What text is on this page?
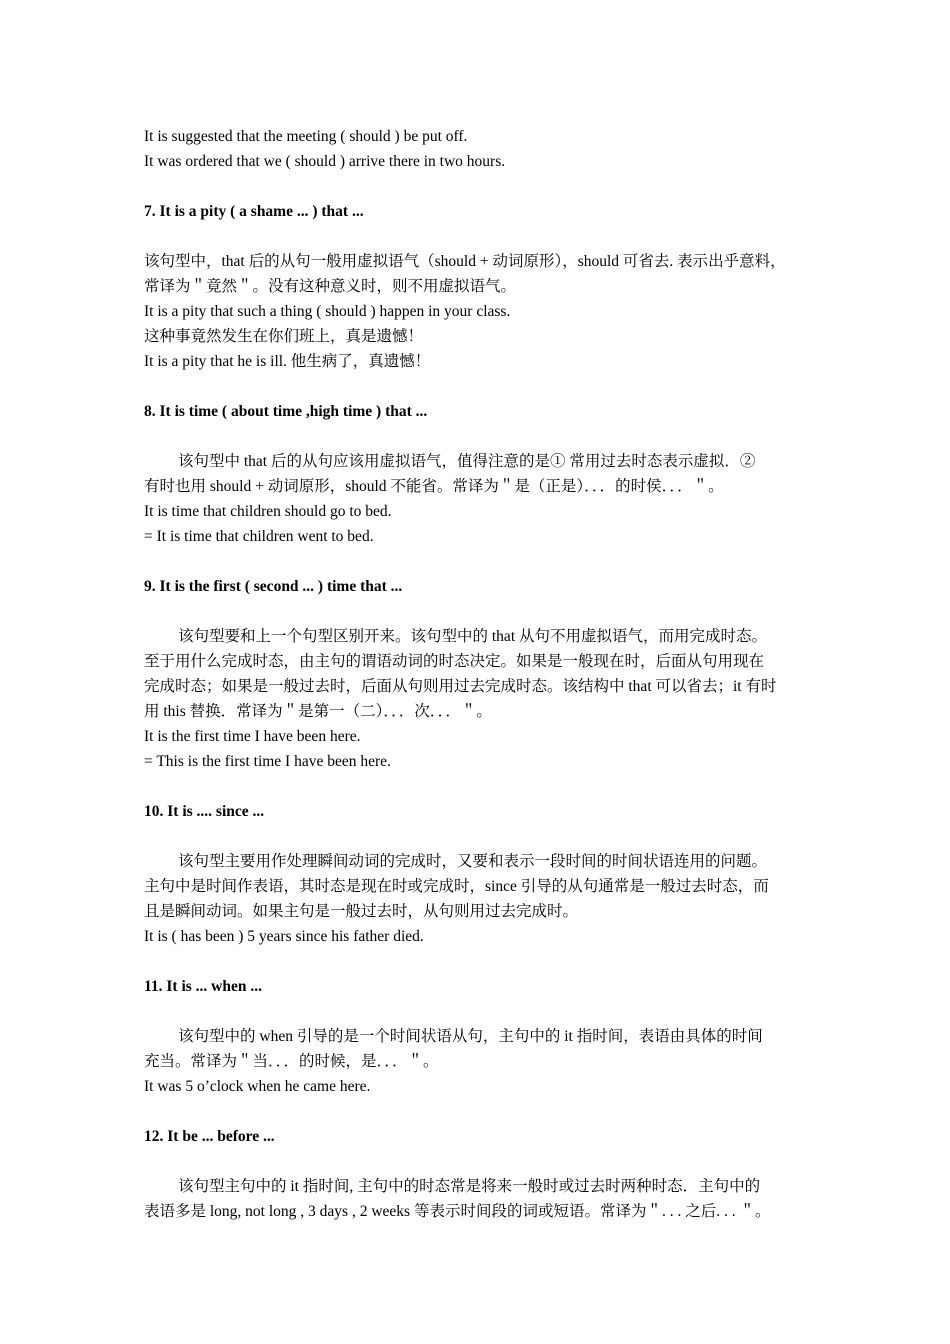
It is suggested that the meeting ( should ) be put off.
It was ordered that we ( should ) arrive there in two hours.
7. It is a pity ( a shame ... ) that ...
该句型中，that 后的从句一般用虚拟语气（should + 动词原形），should 可省去. 表示出乎意料，
常译为＂竟然＂。没有这种意义时，则不用虚拟语气。
It is a pity that such a thing ( should ) happen in your class.
这种事竟然发生在你们班上，真是遗憾！
It is a pity that he is ill. 他生病了，真遗憾！
8. It is time ( about time ,high time ) that ...
该句型中 that 后的从句应该用虚拟语气，值得注意的是① 常用过去时态表示虚拟．②
有时也用 should + 动词原形，should 不能省。常译为＂是（正是）．．．的时侯．．．＂。
It is time that children should go to bed.
= It is time that children went to bed.
9. It is the first ( second ... ) time that ...
该句型要和上一个句型区别开来。该句型中的 that 从句不用虚拟语气，而用完成时态。
至于用什么完成时态，由主句的谓语动词的时态决定。如果是一般现在时，后面从句用现在
完成时态；如果是一般过去时，后面从句则用过去完成时态。该结构中 that 可以省去；it 有时
用 this 替换．常译为＂是第一（二）．．．次．．．＂。
It is the first time I have been here.
= This is the first time I have been here.
10. It is .... since ...
该句型主要用作处理瞬间动词的完成时，又要和表示一段时间的时间状语连用的问题。
主句中是时间作表语，其时态是现在时或完成时，since 引导的从句通常是一般过去时态，而
且是瞬间动词。如果主句是一般过去时，从句则用过去完成时。
It is ( has been ) 5 years since his father died.
11. It is ... when ...
该句型中的 when 引导的是一个时间状语从句，主句中的 it 指时间，表语由具体的时间
充当。常译为＂当．．．的时候，是．．．＂。
It was 5 o’clock when he came here.
12. It be ... before ...
该句型主句中的 it 指时间, 主句中的时态常是将来一般时或过去时两种时态．主句中的
表语多是 long, not long , 3 days , 2 weeks 等表示时间段的词或短语。常译为＂. . . 之后. . . ＂。
